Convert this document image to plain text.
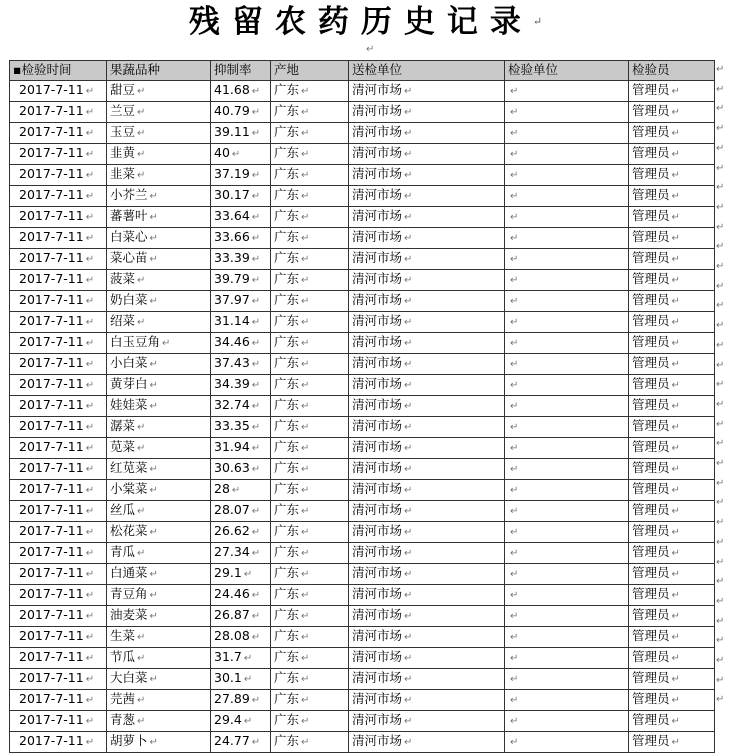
残留农药历史记录↵
↵
▪检验时间	果蔬品种	抑制率	产地	送检单位	检验单位	检验员
2017-7-11 ↵	甜豆 ↵	41.68 ↵	广东 ↵	清河市场 ↵	↵	管理员 ↵
2017-7-11 ↵	兰豆 ↵	40.79 ↵	广东 ↵	清河市场 ↵	↵	管理员 ↵
2017-7-11 ↵	玉豆 ↵	39.11 ↵	广东 ↵	清河市场 ↵	↵	管理员 ↵
2017-7-11 ↵	韭黄 ↵	40 ↵	广东 ↵	清河市场 ↵	↵	管理员 ↵
2017-7-11 ↵	韭菜 ↵	37.19 ↵	广东 ↵	清河市场 ↵	↵	管理员 ↵
2017-7-11 ↵	小芥兰 ↵	30.17 ↵	广东 ↵	清河市场 ↵	↵	管理员 ↵
2017-7-11 ↵	蕃薯叶 ↵	33.64 ↵	广东 ↵	清河市场 ↵	↵	管理员 ↵
2017-7-11 ↵	白菜心 ↵	33.66 ↵	广东 ↵	清河市场 ↵	↵	管理员 ↵
2017-7-11 ↵	菜心苗 ↵	33.39 ↵	广东 ↵	清河市场 ↵	↵	管理员 ↵
2017-7-11 ↵	菠菜 ↵	39.79 ↵	广东 ↵	清河市场 ↵	↵	管理员 ↵
2017-7-11 ↵	奶白菜 ↵	37.97 ↵	广东 ↵	清河市场 ↵	↵	管理员 ↵
2017-7-11 ↵	绍菜 ↵	31.14 ↵	广东 ↵	清河市场 ↵	↵	管理员 ↵
2017-7-11 ↵	白玉豆角 ↵	34.46 ↵	广东 ↵	清河市场 ↵	↵	管理员 ↵
2017-7-11 ↵	小白菜 ↵	37.43 ↵	广东 ↵	清河市场 ↵	↵	管理员 ↵
2017-7-11 ↵	黄芽白 ↵	34.39 ↵	广东 ↵	清河市场 ↵	↵	管理员 ↵
2017-7-11 ↵	娃娃菜 ↵	32.74 ↵	广东 ↵	清河市场 ↵	↵	管理员 ↵
2017-7-11 ↵	潺菜 ↵	33.35 ↵	广东 ↵	清河市场 ↵	↵	管理员 ↵
2017-7-11 ↵	苋菜 ↵	31.94 ↵	广东 ↵	清河市场 ↵	↵	管理员 ↵
2017-7-11 ↵	红苋菜 ↵	30.63 ↵	广东 ↵	清河市场 ↵	↵	管理员 ↵
2017-7-11 ↵	小棠菜 ↵	28 ↵	广东 ↵	清河市场 ↵	↵	管理员 ↵
2017-7-11 ↵	丝瓜 ↵	28.07 ↵	广东 ↵	清河市场 ↵	↵	管理员 ↵
2017-7-11 ↵	松花菜 ↵	26.62 ↵	广东 ↵	清河市场 ↵	↵	管理员 ↵
2017-7-11 ↵	青瓜 ↵	27.34 ↵	广东 ↵	清河市场 ↵	↵	管理员 ↵
2017-7-11 ↵	白通菜 ↵	29.1 ↵	广东 ↵	清河市场 ↵	↵	管理员 ↵
2017-7-11 ↵	青豆角 ↵	24.46 ↵	广东 ↵	清河市场 ↵	↵	管理员 ↵
2017-7-11 ↵	油麦菜 ↵	26.87 ↵	广东 ↵	清河市场 ↵	↵	管理员 ↵
2017-7-11 ↵	生菜 ↵	28.08 ↵	广东 ↵	清河市场 ↵	↵	管理员 ↵
2017-7-11 ↵	节瓜 ↵	31.7 ↵	广东 ↵	清河市场 ↵	↵	管理员 ↵
2017-7-11 ↵	大白菜 ↵	30.1 ↵	广东 ↵	清河市场 ↵	↵	管理员 ↵
2017-7-11 ↵	芫茜 ↵	27.89 ↵	广东 ↵	清河市场 ↵	↵	管理员 ↵
2017-7-11 ↵	青葱 ↵	29.4 ↵	广东 ↵	清河市场 ↵	↵	管理员 ↵
2017-7-11 ↵	胡萝卜 ↵	24.77 ↵	广东 ↵	清河市场 ↵	↵	管理员 ↵
↵
↵
↵
↵
↵
↵
↵
↵
↵
↵
↵
↵
↵
↵
↵
↵
↵
↵
↵
↵
↵
↵
↵
↵
↵
↵
↵
↵
↵
↵
↵
↵
↵
